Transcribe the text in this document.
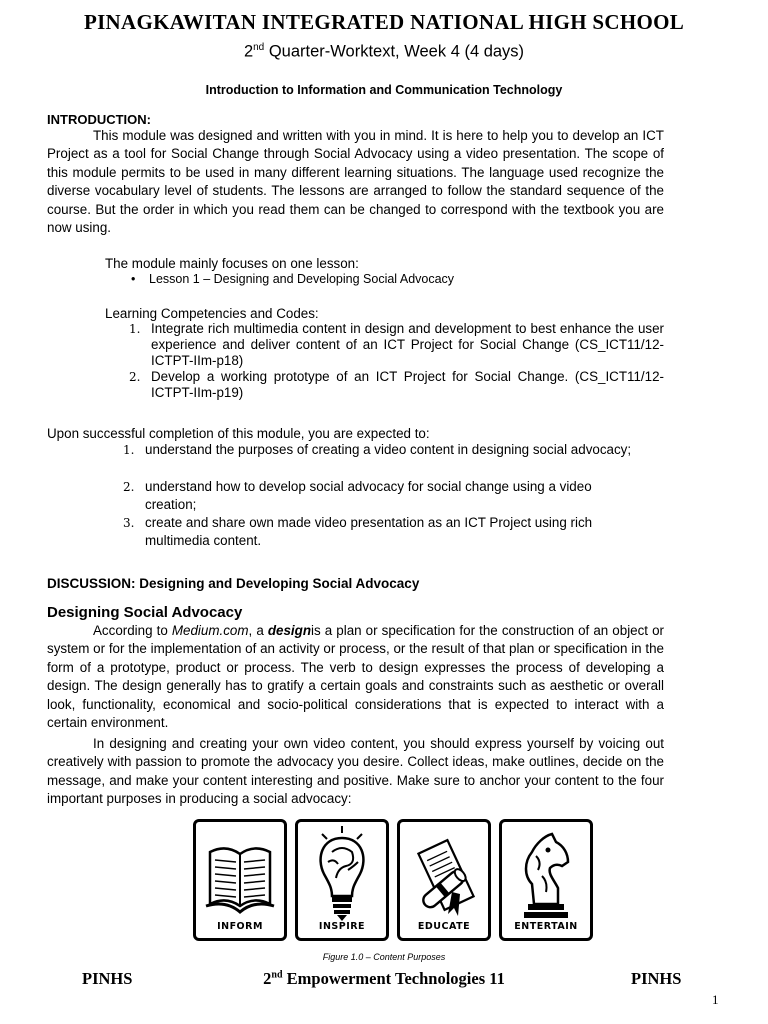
PINAGKAWITAN INTEGRATED NATIONAL HIGH SCHOOL
2nd Quarter-Worktext, Week 4 (4 days)
Introduction to Information and Communication Technology
INTRODUCTION:
This module was designed and written with you in mind. It is here to help you to develop an ICT Project as a tool for Social Change through Social Advocacy using a video presentation. The scope of this module permits to be used in many different learning situations. The language used recognize the diverse vocabulary level of students. The lessons are arranged to follow the standard sequence of the course. But the order in which you read them can be changed to correspond with the textbook you are now using.
The module mainly focuses on one lesson:
• Lesson 1 – Designing and Developing Social Advocacy
Learning Competencies and Codes:
1. Integrate rich multimedia content in design and development to best enhance the user experience and deliver content of an ICT Project for Social Change (CS_ICT11/12-ICTPT-IIm-p18)
2. Develop a working prototype of an ICT Project for Social Change. (CS_ICT11/12-ICTPT-IIm-p19)
Upon successful completion of this module, you are expected to:
1. understand the purposes of creating a video content in designing social advocacy;
2. understand how to develop social advocacy for social change using a video creation;
3. create and share own made video presentation as an ICT Project using rich multimedia content.
DISCUSSION: Designing and Developing Social Advocacy
Designing Social Advocacy
According to Medium.com, a designis a plan or specification for the construction of an object or system or for the implementation of an activity or process, or the result of that plan or specification in the form of a prototype, product or process. The verb to design expresses the process of developing a design. The design generally has to gratify a certain goals and constraints such as aesthetic or overall look, functionality, economical and socio-political considerations that is expected to interact with a certain environment.
In designing and creating your own video content, you should express yourself by voicing out creatively with passion to promote the advocacy you desire. Collect ideas, make outlines, decide on the message, and make your content interesting and positive. Make sure to anchor your content to the four important purposes in producing a social advocacy:
INFORM	INSPIRE	EDUCATE	ENTERTAIN
Figure 1.0 – Content Purposes
PINHS	2nd Empowerment Technologies 11	PINHS
1
